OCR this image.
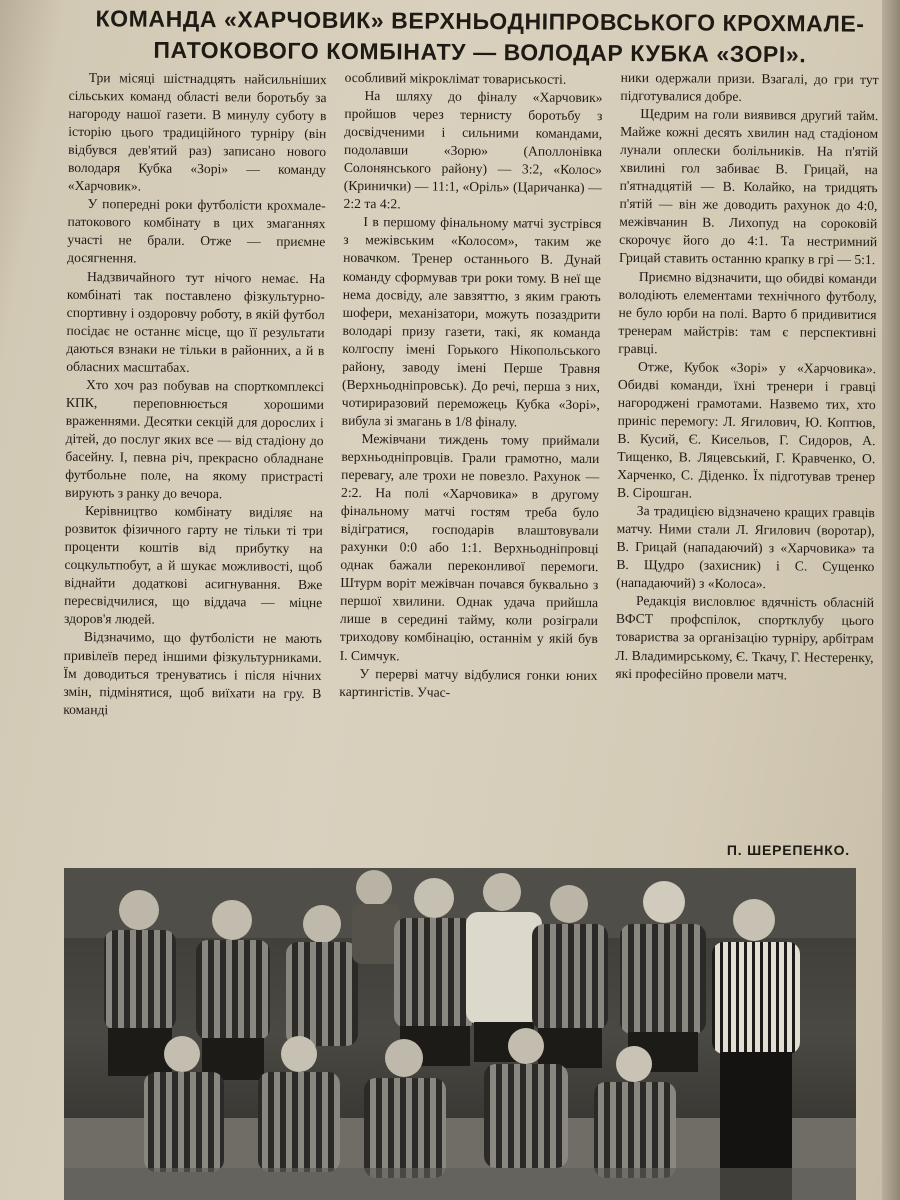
КОМАНДА «ХАРЧОВИК» ВЕРХНЬОДНІПРОВСЬКОГО КРОХМАЛЕ-
ПАТОКОВОГО КОМБІНАТУ — ВОЛОДАР КУБКА «ЗОРІ».

Три місяці шістнадцять найсильніших сільських команд області вели боротьбу за нагороду нашої газети. В минулу суботу в історію цього традиційного турніру (він відбувся дев'ятий раз) записано нового володаря Кубка «Зорі» — команду «Харчовик».

У попередні роки футболісти крохмале-патокового комбінату в цих змаганнях участі не брали. Отже — приємне досягнення.

Надзвичайного тут нічого немає. На комбінаті так поставлено фізкультурно-спортивну і оздоровчу роботу, в якій футбол посідає не останнє місце, що її результати даються взнаки не тільки в районних, а й в обласних масштабах.

Хто хоч раз побував на спорткомплексі КПК, переповнюється хорошими враженнями. Десятки секцій для дорослих і дітей, до послуг яких все — від стадіону до басейну. І, певна річ, прекрасно обладнане футбольне поле, на якому пристрасті вирують з ранку до вечора.

Керівництво комбінату виділяє на розвиток фізичного гарту не тільки ті три проценти коштів від прибутку на соцкультпобут, а й шукає можливості, щоб віднайти додаткові асигнування. Вже пересвідчилися, що віддача — міцне здоров'я людей.

Відзначимо, що футболісти не мають привілеїв перед іншими фізкультурниками. Їм доводиться тренуватись і після нічних змін, підмінятися, щоб виїхати на гру. В команді

особливий мікроклімат товариськості.

На шляху до фіналу «Харчовик» пройшов через тернисту боротьбу з досвідченими і сильними командами, подолавши «Зорю» (Аполлонівка Солонянського району) — 3:2, «Колос» (Кринички) — 11:1, «Оріль» (Царичанка) — 2:2 та 4:2.

І в першому фінальному матчі зустрівся з межівським «Колосом», таким же новачком. Тренер останнього В. Дунай команду сформував три роки тому. В неї ще нема досвіду, але завзяттю, з яким грають шофери, механізатори, можуть позаздрити володарі призу газети, такі, як команда колгоспу імені Горького Нікопольського району, заводу імені Перше Травня (Верхньодніпровськ). До речі, перша з них, чотириразовий переможець Кубка «Зорі», вибула зі змагань в 1/8 фіналу.

Межівчани тиждень тому приймали верхньодніпровців. Грали грамотно, мали перевагу, але трохи не повезло. Рахунок — 2:2. На полі «Харчовика» в другому фінальному матчі гостям треба було відігратися, господарів влаштовували рахунки 0:0 або 1:1. Верхньодніпровці однак бажали переконливої перемоги. Штурм воріт межівчан почався буквально з першої хвилини. Однак удача прийшла лише в середині тайму, коли розіграли триходову комбінацію, останнім у якій був І. Симчук.

У перерві матчу відбулися гонки юних картингістів. Учас-

ники одержали призи. Взагалі, до гри тут підготувалися добре.

Щедрим на голи виявився другий тайм. Майже кожні десять хвилин над стадіоном лунали оплески болільників. На п'ятій хвилині гол забиває В. Грицай, на п'ятнадцятій — В. Колайко, на тридцять п'ятій — він же доводить рахунок до 4:0, межівчанин В. Лихопуд на сороковій скорочує його до 4:1. Та нестримний Грицай ставить останню крапку в грі — 5:1.

Приємно відзначити, що обидві команди володіють елементами технічного футболу, не було юрби на полі. Варто б придивитися тренерам майстрів: там є перспективні гравці.

Отже, Кубок «Зорі» у «Харчовика». Обидві команди, їхні тренери і гравці нагороджені грамотами. Назвемо тих, хто приніс перемогу: Л. Ягилович, Ю. Коптюв, В. Кусий, Є. Кисельов, Г. Сидоров, А. Тищенко, В. Ляцевський, Г. Кравченко, О. Харченко, С. Діденко. Їх підготував тренер В. Сірошган.

За традицією відзначено кращих гравців матчу. Ними стали Л. Ягилович (воротар), В. Грицай (нападаючий) з «Харчовика» та В. Щудро (захисник) і С. Сущенко (нападаючий) з «Колоса».

Редакція висловлює вдячність обласній ВФСТ профспілок, спортклубу цього товариства за організацію турніру, арбітрам Л. Владимирському, Є. Ткачу, Г. Нестеренку, які професійно провели матч.

П. ШЕРЕПЕНКО.
